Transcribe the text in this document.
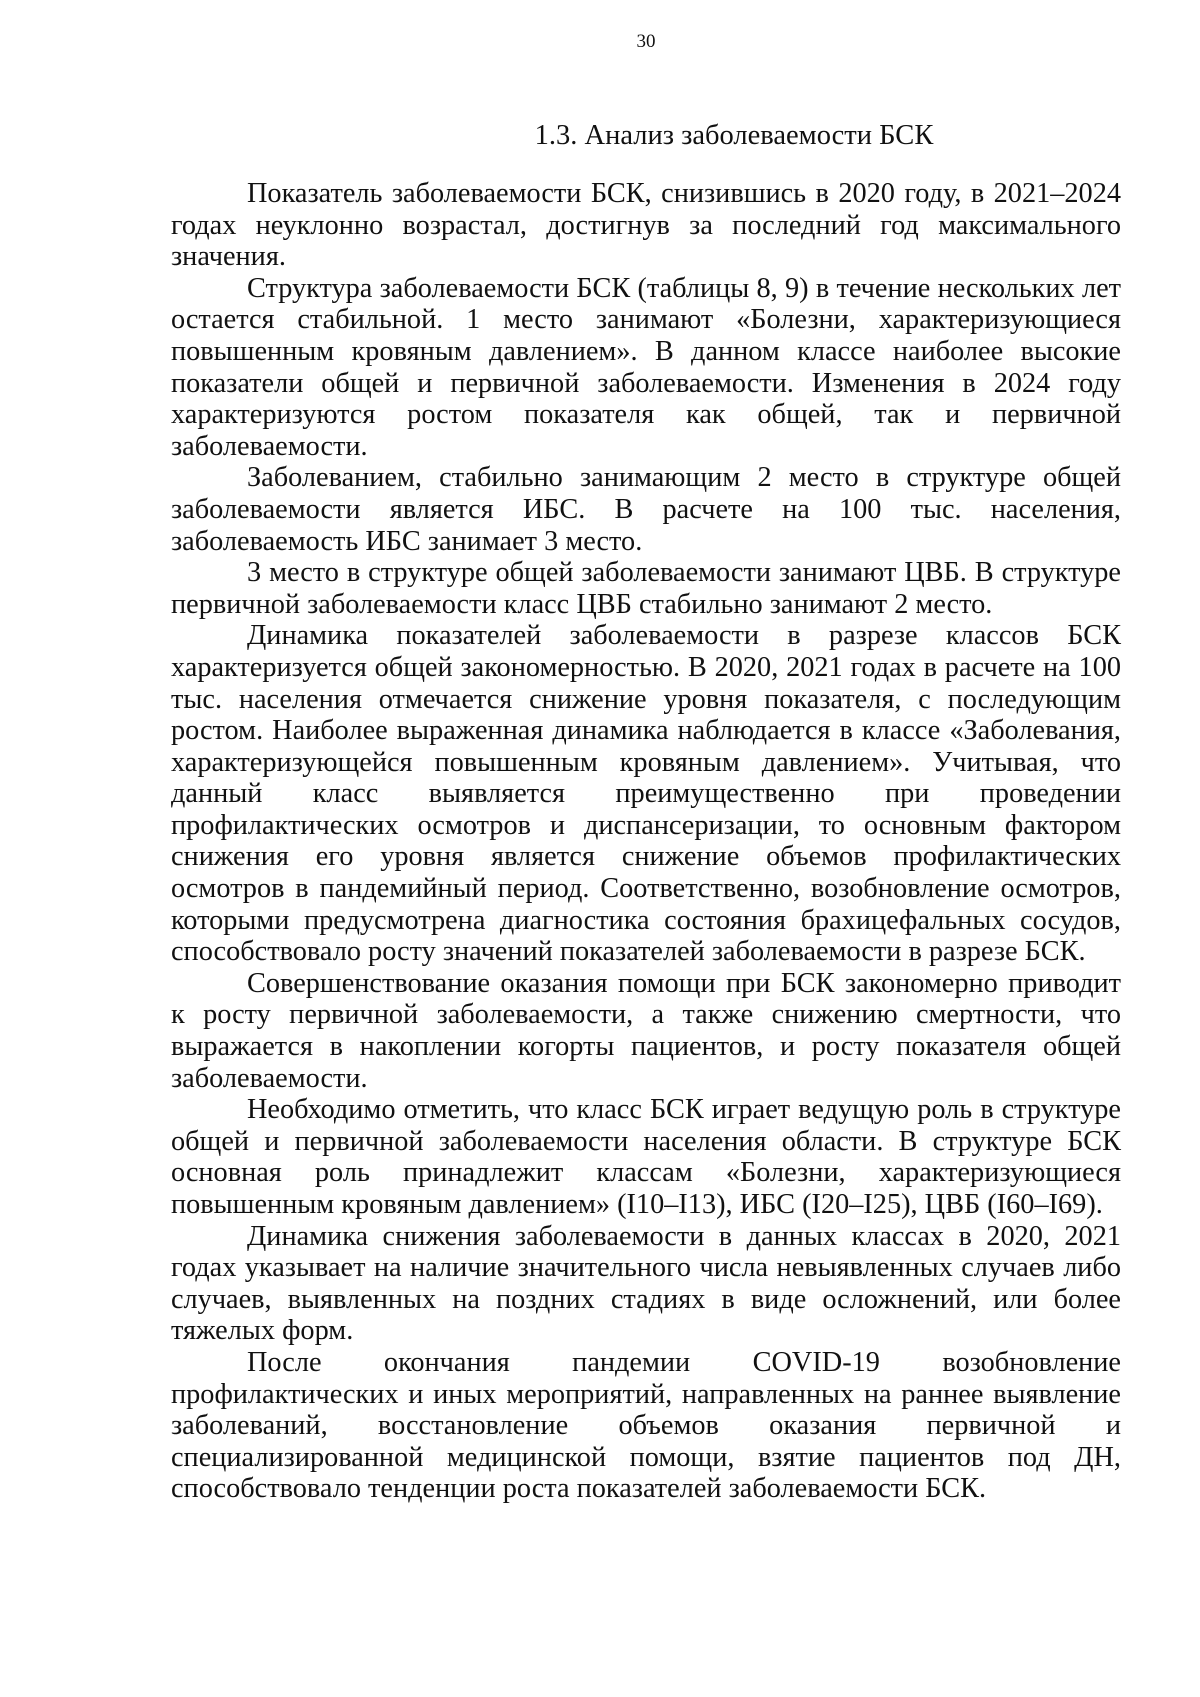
30
1.3. Анализ заболеваемости БСК

Показатель заболеваемости БСК, снизившись в 2020 году, в 2021–2024 годах неуклонно возрастал, достигнув за последний год максимального значения.

Структура заболеваемости БСК (таблицы 8, 9) в течение нескольких лет остается стабильной. 1 место занимают «Болезни, характеризующиеся повышенным кровяным давлением». В данном классе наиболее высокие показатели общей и первичной заболеваемости. Изменения в 2024 году характеризуются ростом показателя как общей, так и первичной заболеваемости.

Заболеванием, стабильно занимающим 2 место в структуре общей заболеваемости является ИБС. В расчете на 100 тыс. населения, заболеваемость ИБС занимает 3 место.

3 место в структуре общей заболеваемости занимают ЦВБ. В структуре первичной заболеваемости класс ЦВБ стабильно занимают 2 место.

Динамика показателей заболеваемости в разрезе классов БСК характеризуется общей закономерностью. В 2020, 2021 годах в расчете на 100 тыс. населения отмечается снижение уровня показателя, с последующим ростом. Наиболее выраженная динамика наблюдается в классе «Заболевания, характеризующейся повышенным кровяным давлением». Учитывая, что данный класс выявляется преимущественно при проведении профилактических осмотров и диспансеризации, то основным фактором снижения его уровня является снижение объемов профилактических осмотров в пандемийный период. Соответственно, возобновление осмотров, которыми предусмотрена диагностика состояния брахицефальных сосудов, способствовало росту значений показателей заболеваемости в разрезе БСК.

Совершенствование оказания помощи при БСК закономерно приводит к росту первичной заболеваемости, а также снижению смертности, что выражается в накоплении когорты пациентов, и росту показателя общей заболеваемости.

Необходимо отметить, что класс БСК играет ведущую роль в структуре общей и первичной заболеваемости населения области. В структуре БСК основная роль принадлежит классам «Болезни, характеризующиеся повышенным кровяным давлением» (I10–I13), ИБС (I20–I25), ЦВБ (I60–I69).

Динамика снижения заболеваемости в данных классах в 2020, 2021 годах указывает на наличие значительного числа невыявленных случаев либо случаев, выявленных на поздних стадиях в виде осложнений, или более тяжелых форм.

После окончания пандемии COVID-19 возобновление профилактических и иных мероприятий, направленных на раннее выявление заболеваний, восстановление объемов оказания первичной и специализированной медицинской помощи, взятие пациентов под ДН, способствовало тенденции роста показателей заболеваемости БСК.
